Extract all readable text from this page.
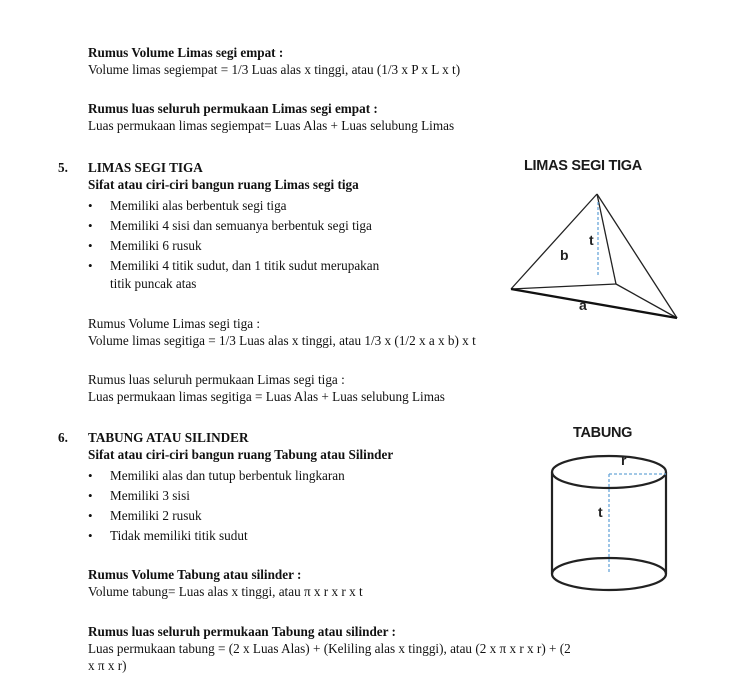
Rumus Volume Limas segi empat :
Volume limas segiempat = 1/3 Luas alas x tinggi, atau (1/3 x P x L x t)
Rumus luas seluruh permukaan Limas segi empat :
Luas permukaan limas segiempat= Luas Alas + Luas selubung Limas
5. LIMAS SEGI TIGA
Sifat atau ciri-ciri bangun ruang Limas segi tiga
• Memiliki alas berbentuk segi tiga
• Memiliki 4 sisi dan semuanya berbentuk segi tiga
• Memiliki 6 rusuk
• Memiliki 4 titik sudut, dan 1 titik sudut merupakan
titik puncak atas
Rumus Volume Limas segi tiga :
Volume limas segitiga = 1/3 Luas alas x tinggi, atau 1/3 x (1/2 x a x b) x t
Rumus luas seluruh permukaan Limas segi tiga :
Luas permukaan limas segitiga = Luas Alas + Luas selubung Limas
LIMAS SEGI TIGA
t
b
a
6. TABUNG ATAU SILINDER
Sifat atau ciri-ciri bangun ruang Tabung atau Silinder
• Memiliki alas dan tutup berbentuk lingkaran
• Memiliki 3 sisi
• Memiliki 2 rusuk
• Tidak memiliki titik sudut
Rumus Volume Tabung atau silinder :
Volume tabung= Luas alas x tinggi, atau π x r x r x t
Rumus luas seluruh permukaan Tabung atau silinder :
Luas permukaan tabung = (2 x Luas Alas) + (Keliling alas x tinggi), atau (2 x π x r x r) + (2
x π x r)
TABUNG
r
t
